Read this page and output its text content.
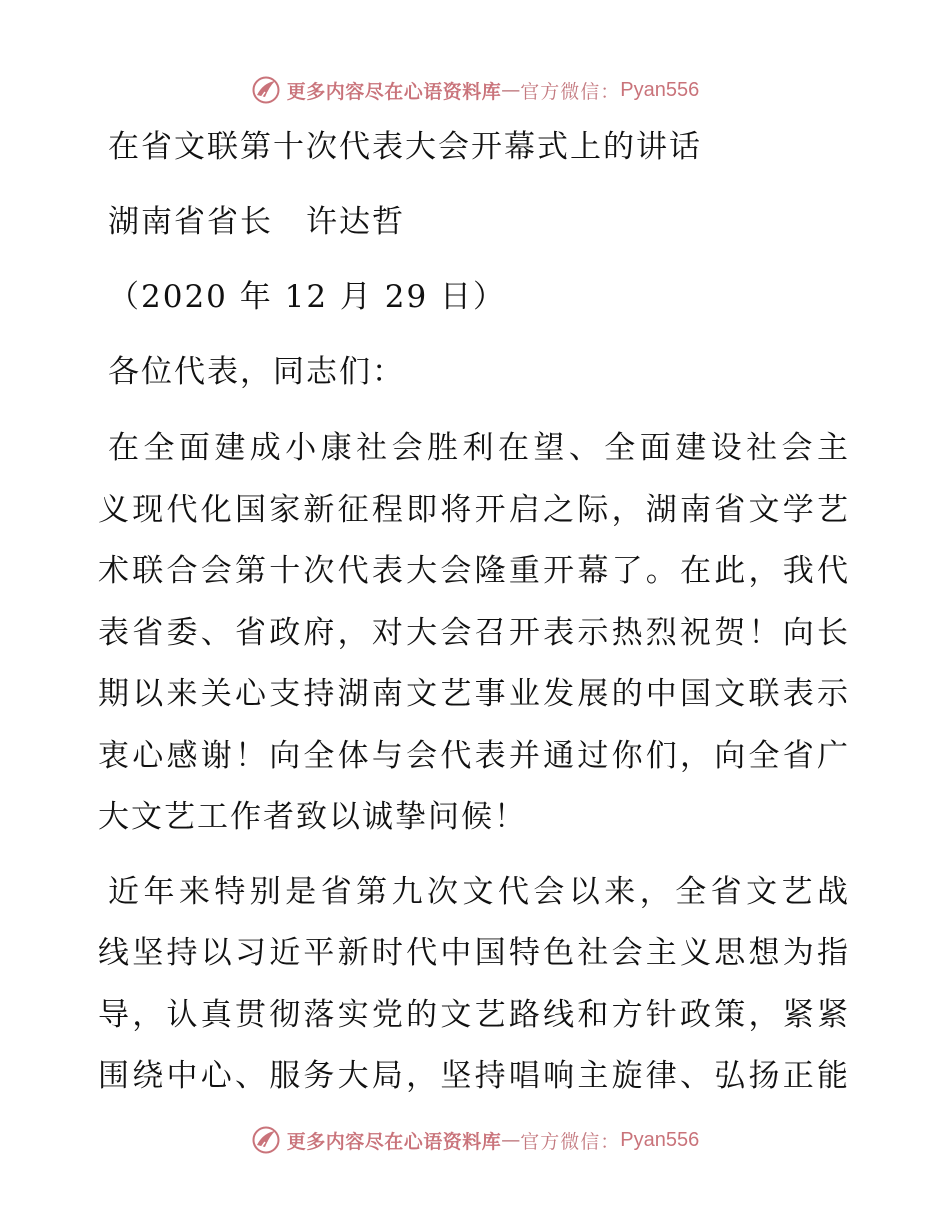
更多内容尽在心语资料库 — 官方微信： Pyan556
在省文联第十次代表大会开幕式上的讲话
湖南省省长　许达哲
（2020 年 12 月 29 日）
各位代表，同志们：
在全面建成小康社会胜利在望、全面建设社会主
义现代化国家新征程即将开启之际，湖南省文学艺
术联合会第十次代表大会隆重开幕了。在此，我代
表省委、省政府，对大会召开表示热烈祝贺！向长
期以来关心支持湖南文艺事业发展的中国文联表示
衷心感谢！向全体与会代表并通过你们，向全省广
大文艺工作者致以诚挚问候！
近年来特别是省第九次文代会以来，全省文艺战
线坚持以习近平新时代中国特色社会主义思想为指
导，认真贯彻落实党的文艺路线和方针政策，紧紧
围绕中心、服务大局，坚持唱响主旋律、弘扬正能
更多内容尽在心语资料库 — 官方微信： Pyan556
